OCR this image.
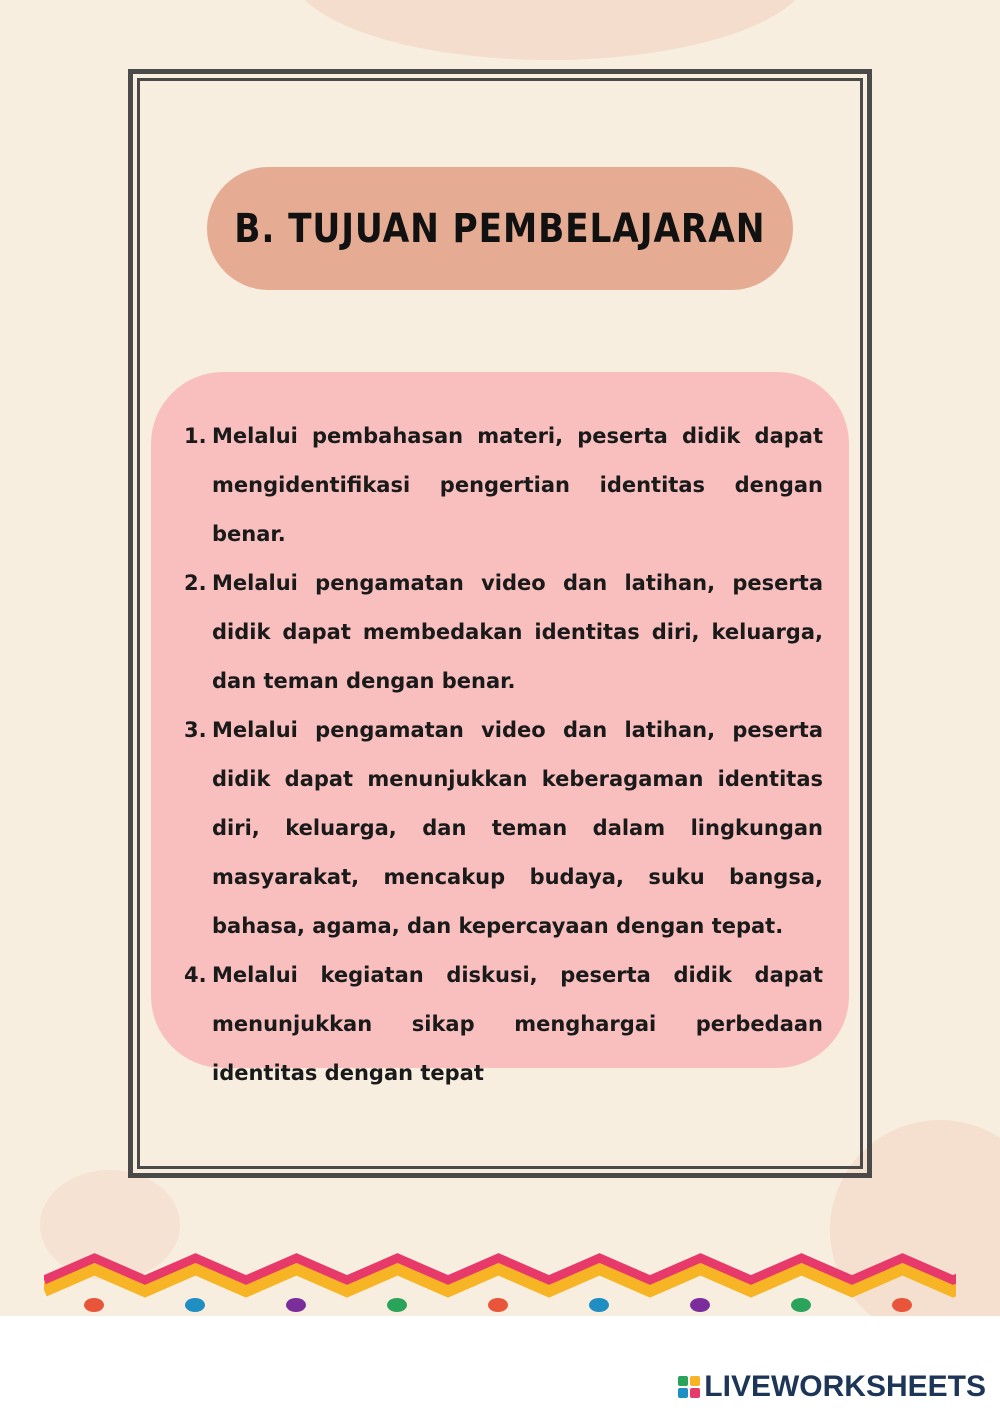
B. TUJUAN PEMBELAJARAN
1. Melalui pembahasan materi, peserta didik dapat mengidentifikasi pengertian identitas dengan benar.
2. Melalui pengamatan video dan latihan, peserta didik dapat membedakan identitas diri, keluarga, dan teman dengan benar.
3. Melalui pengamatan video dan latihan, peserta didik dapat menunjukkan keberagaman identitas diri, keluarga, dan teman dalam lingkungan masyarakat, mencakup budaya, suku bangsa, bahasa, agama, dan kepercayaan dengan tepat.
4. Melalui kegiatan diskusi, peserta didik dapat menunjukkan sikap menghargai perbedaan identitas dengan tepat
LIVEWORKSHEETS
